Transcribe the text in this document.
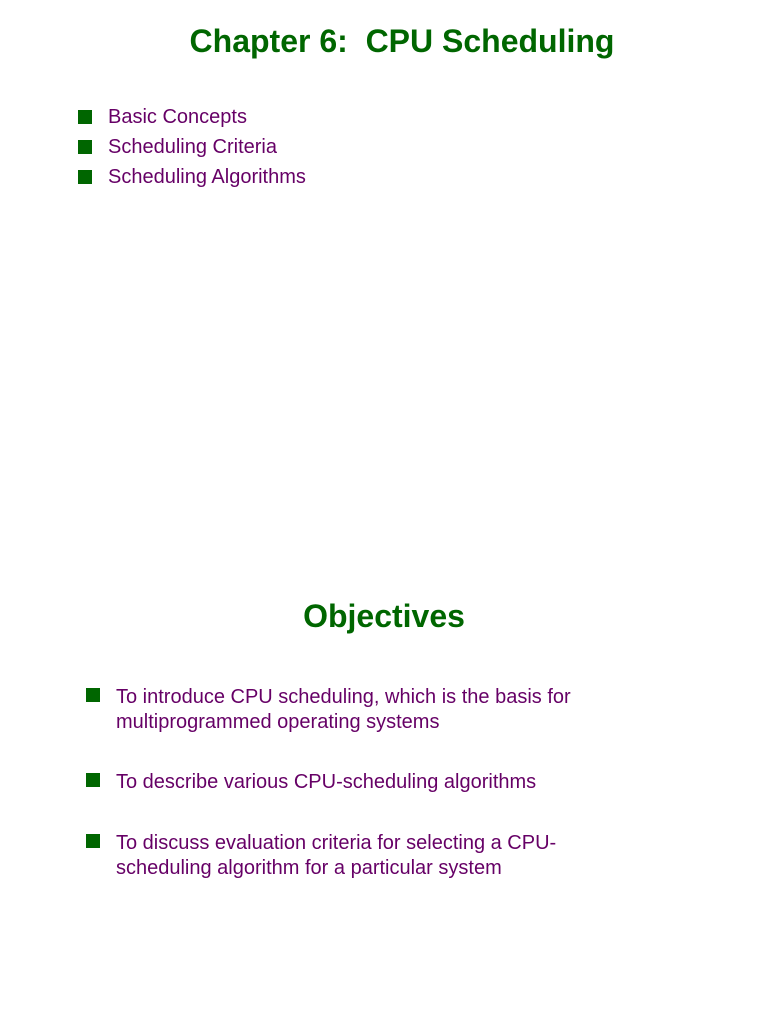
Chapter 6:  CPU Scheduling
Basic Concepts
Scheduling Criteria
Scheduling Algorithms
Objectives
To introduce CPU scheduling, which is the basis for multiprogrammed operating systems
To describe various CPU-scheduling algorithms
To discuss evaluation criteria for selecting a CPU-scheduling algorithm for a particular system
